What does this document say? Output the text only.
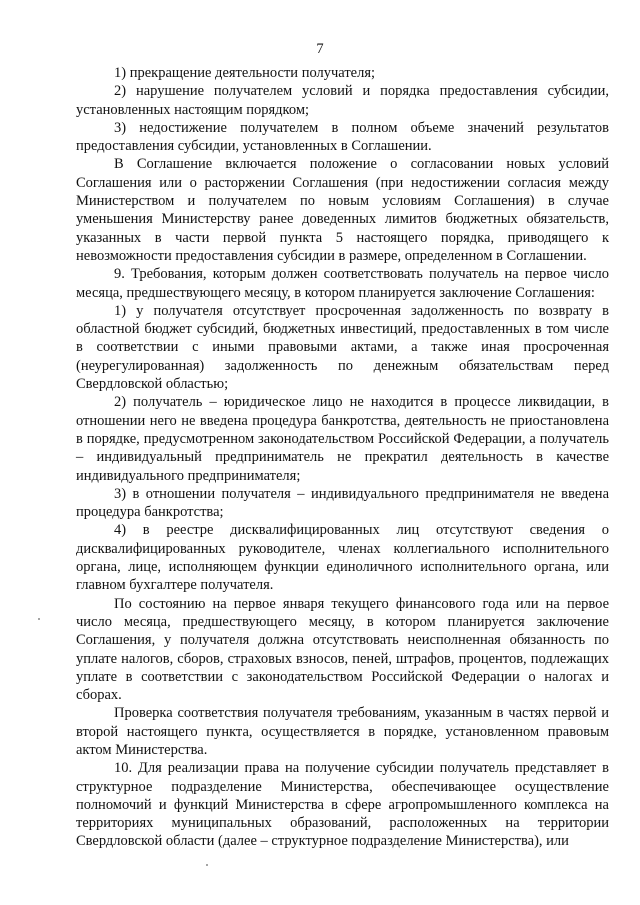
7

1) прекращение деятельности получателя;

2) нарушение получателем условий и порядка предоставления субсидии, установленных настоящим порядком;

3) недостижение получателем в полном объеме значений результатов предоставления субсидии, установленных в Соглашении.

В Соглашение включается положение о согласовании новых условий Соглашения или о расторжении Соглашения (при недостижении согласия между Министерством и получателем по новым условиям Соглашения) в случае уменьшения Министерству ранее доведенных лимитов бюджетных обязательств, указанных в части первой пункта 5 настоящего порядка, приводящего к невозможности предоставления субсидии в размере, определенном в Соглашении.

9. Требования, которым должен соответствовать получатель на первое число месяца, предшествующего месяцу, в котором планируется заключение Соглашения:

1) у получателя отсутствует просроченная задолженность по возврату в областной бюджет субсидий, бюджетных инвестиций, предоставленных в том числе в соответствии с иными правовыми актами, а также иная просроченная (неурегулированная) задолженность по денежным обязательствам перед Свердловской областью;

2) получатель – юридическое лицо не находится в процессе ликвидации, в отношении него не введена процедура банкротства, деятельность не приостановлена в порядке, предусмотренном законодательством Российской Федерации, а получатель – индивидуальный предприниматель не прекратил деятельность в качестве индивидуального предпринимателя;

3) в отношении получателя – индивидуального предпринимателя не введена процедура банкротства;

4) в реестре дисквалифицированных лиц отсутствуют сведения о дисквалифицированных руководителе, членах коллегиального исполнительного органа, лице, исполняющем функции единоличного исполнительного органа, или главном бухгалтере получателя.

По состоянию на первое января текущего финансового года или на первое число месяца, предшествующего месяцу, в котором планируется заключение Соглашения, у получателя должна отсутствовать неисполненная обязанность по уплате налогов, сборов, страховых взносов, пеней, штрафов, процентов, подлежащих уплате в соответствии с законодательством Российской Федерации о налогах и сборах.

Проверка соответствия получателя требованиям, указанным в частях первой и второй настоящего пункта, осуществляется в порядке, установленном правовым актом Министерства.

10. Для реализации права на получение субсидии получатель представляет в структурное подразделение Министерства, обеспечивающее осуществление полномочий и функций Министерства в сфере агропромышленного комплекса на территориях муниципальных образований, расположенных на территории Свердловской области (далее – структурное подразделение Министерства), или
